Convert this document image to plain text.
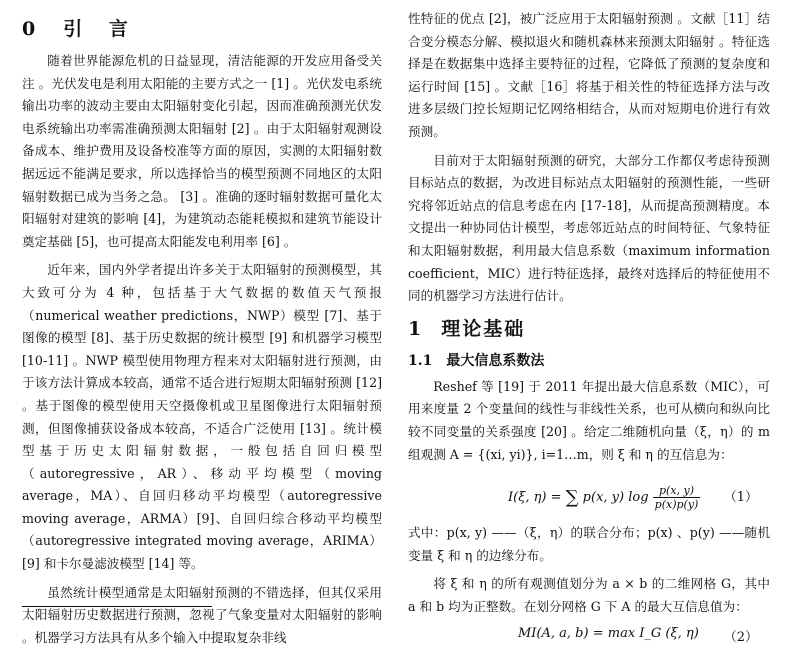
0 引 言

随着世界能源危机的日益显现，清洁能源的开发应用备受关注 。光伏发电是利用太阳能的主要方式之一 [1] 。光伏发电系统输出功率的波动主要由太阳辐射变化引起，因而准确预测光伏发电系统输出功率需准确预测太阳辐射 [2] 。由于太阳辐射观测设备成本、维护费用及设备校准等方面的原因，实测的太阳辐射数据远远不能满足要求，所以选择恰当的模型预测不同地区的太阳辐射数据已成为当务之急。 [3] 。准确的逐时辐射数据可量化太阳辐射对建筑的影响 [4]，为建筑动态能耗模拟和建筑节能设计奠定基础 [5]，也可提高太阳能发电利用率 [6] 。

近年来，国内外学者提出许多关于太阳辐射的预测模型，其大致可分为 4 种，包括基于大气数据的数值天气预报（numerical weather predictions，NWP）模型 [7]、基于图像的模型 [8]、基于历史数据的统计模型 [9] 和机器学习模型 [10-11] 。NWP 模型使用物理方程来对太阳辐射进行预测，由于该方法计算成本较高，通常不适合进行短期太阳辐射预测 [12] 。基于图像的模型使用天空摄像机或卫星图像进行太阳辐射预测，但图像捕获设备成本较高，不适合广泛使用 [13] 。统计模型基于历史太阳辐射数据，一般包括自回归模型（autoregressive，AR）、移动平均模型（moving average，MA）、自回归移动平均模型（autoregressive moving average，ARMA）[9]、自回归综合移动平均模型（autoregressive integrated moving average，ARIMA）[9] 和卡尔曼滤波模型 [14] 等。

虽然统计模型通常是太阳辐射预测的不错选择，但其仅采用太阳辐射历史数据进行预测，忽视了气象变量对太阳辐射的影响 。机器学习方法具有从多个输入中提取复杂非线

性特征的优点 [2]，被广泛应用于太阳辐射预测 。文献［11］结合变分模态分解、模拟退火和随机森林来预测太阳辐射 。特征选择是在数据集中选择主要特征的过程，它降低了预测的复杂度和运行时间 [15] 。文献［16］将基于相关性的特征选择方法与改进多层级门控长短期记忆网络相结合，从而对短期电价进行有效预测。

目前对于太阳辐射预测的研究，大部分工作都仅考虑待预测目标站点的数据，为改进目标站点太阳辐射的预测性能，一些研究将邻近站点的信息考虑在内 [17-18]，从而提高预测精度。本文提出一种协同估计模型，考虑邻近站点的时间特征、气象特征和太阳辐射数据，利用最大信息系数（maximum information coefficient，MIC）进行特征选择，最终对选择后的特征使用不同的机器学习方法进行估计。

1 理论基础
1.1 最大信息系数法

Reshef 等 [19] 于 2011 年提出最大信息系数（MIC），可用来度量 2 个变量间的线性与非线性关系，也可从横向和纵向比较不同变量的关系强度 [20] 。给定二维随机向量（ξ，η）的 m 组观测 A = {(xi, yi)}, i=1…m，则 ξ 和 η 的互信息为：

I(ξ, η) = ∑ p(x, y) $\log \frac{p(x, y)}{p(x)p(y)} (1)$

式中：p(x, y) ——（ξ，η）的联合分布；p(x) 、p(y) ——随机变量 ξ 和 η 的边缘分布。

将 ξ 和 η 的所有观测值划分为 a × b 的二维网格 G，其中 a 和 b 均为正整数。在划分网格 G 下 A 的最大互信息值为：

MI(A, a, b) = max I_G (ξ, η) （2）
